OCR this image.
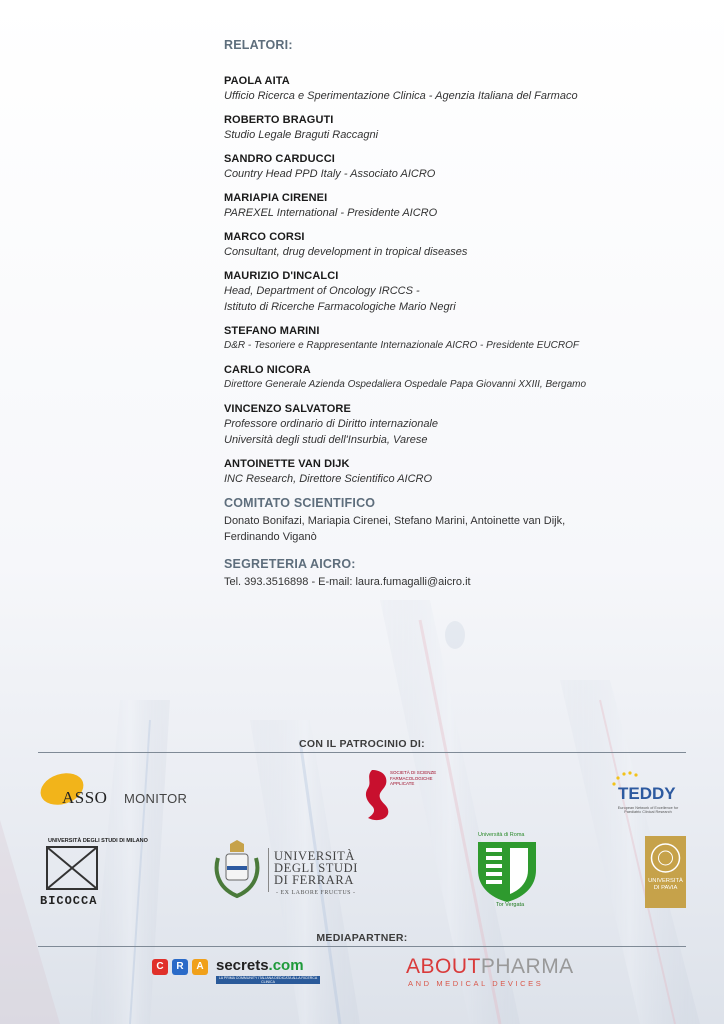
RELATORI:
PAOLA AITA
Ufficio Ricerca e Sperimentazione Clinica - Agenzia Italiana del Farmaco
ROBERTO BRAGUTI
Studio Legale Braguti Raccagni
SANDRO CARDUCCI
Country Head PPD Italy - Associato AICRO
MARIAPIA CIRENEI
PAREXEL International - Presidente AICRO
MARCO CORSI
Consultant, drug development in tropical diseases
MAURIZIO D'INCALCI
Head, Department of Oncology IRCCS -
Istituto di Ricerche Farmacologiche Mario Negri
STEFANO MARINI
D&R - Tesoriere e Rappresentante Internazionale AICRO - Presidente EUCROF
CARLO NICORA
Direttore Generale Azienda Ospedaliera Ospedale Papa Giovanni XXIII, Bergamo
VINCENZO SALVATORE
Professore ordinario di Diritto internazionale
Università degli studi dell'Insurbia, Varese
ANTOINETTE VAN DIJK
INC Research, Direttore Scientifico AICRO
COMITATO SCIENTIFICO
Donato Bonifazi, Mariapia Cirenei, Stefano Marini, Antoinette van Dijk,
Ferdinando Viganò
SEGRETERIA AICRO:
Tel. 393.3516898 - E-mail: laura.fumagalli@aicro.it
CON IL PATROCINIO DI:
ASSO MONITOR
SOCIETÀ DI SCIENZE FARMACOLOGICHE APPLICATE
TEDDY
European Network of Excellence for Paediatric Clinical Research
UNIVERSITÀ DEGLI STUDI DI MILANO
BICOCCA
UNIVERSITÀ
DEGLI STUDI
DI FERRARA
- EX LABORE FRUCTUS -
Università di Roma
Tor Vergata
UNIVERSITÀ
DI PAVIA
MEDIAPARTNER:
C	R	A secrets.com
LA PRIMA COMMUNITY ITALIANA DEDICATA ALLA RICERCA CLINICA
ABOUTPHARMA
AND MEDICAL DEVICES
